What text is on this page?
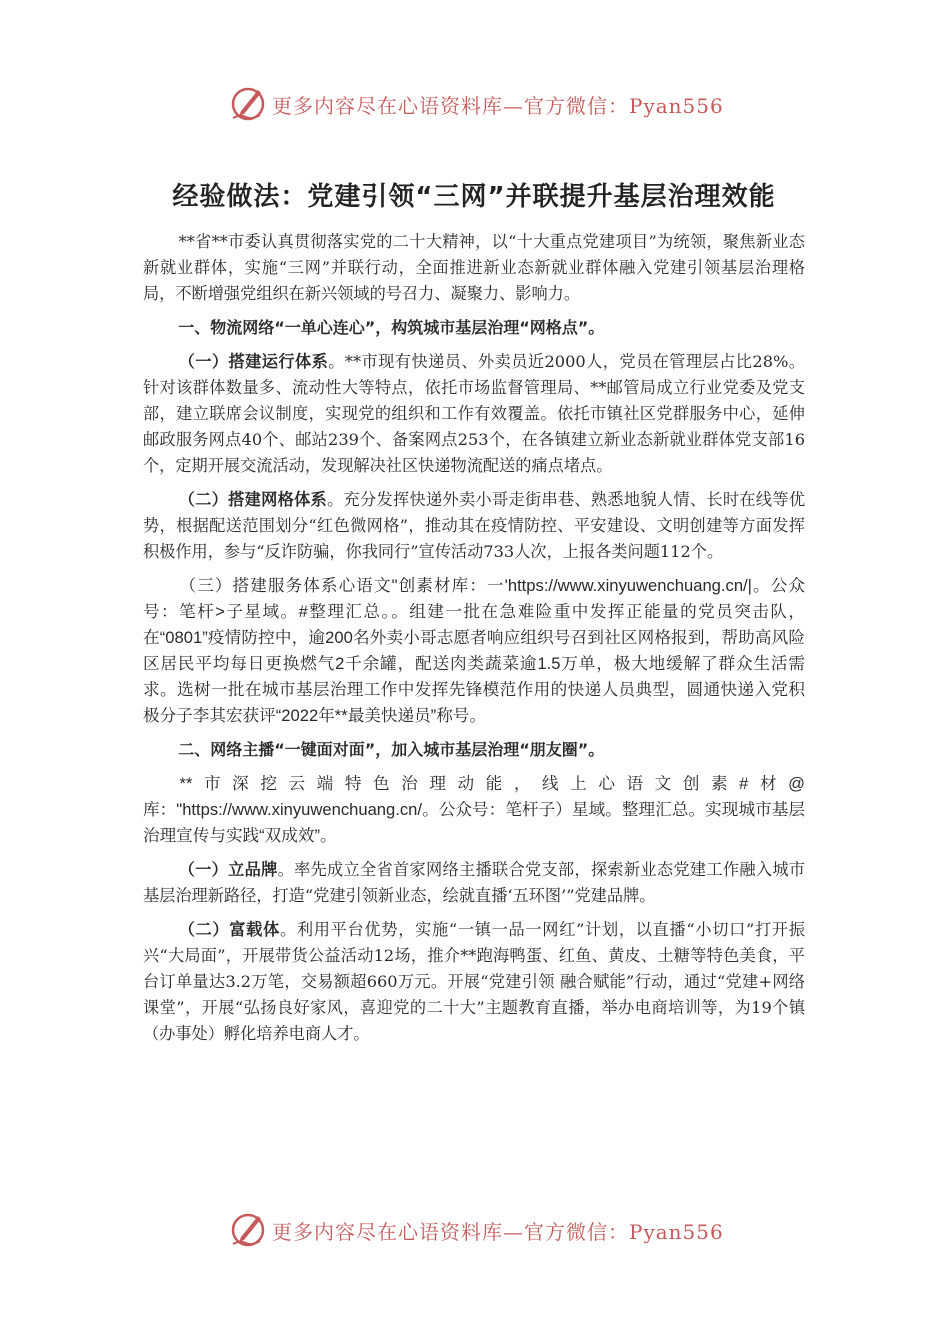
更多内容尽在心语资料库—官方微信：Pyan556
经验做法：党建引领“三网”并联提升基层治理效能

**省**市委认真贯彻落实党的二十大精神，以“十大重点党建项目”为统领，聚焦新业态新就业群体，实施“三网”并联行动，全面推进新业态新就业群体融入党建引领基层治理格局，不断增强党组织在新兴领域的号召力、凝聚力、影响力。

一、物流网络“一单心连心”，构筑城市基层治理“网格点”。

（一）搭建运行体系。**市现有快递员、外卖员近2000人，党员在管理层占比28%。针对该群体数量多、流动性大等特点，依托市场监督管理局、**邮管局成立行业党委及党支部，建立联席会议制度，实现党的组织和工作有效覆盖。依托市镇社区党群服务中心，延伸邮政服务网点40个、邮站239个、备案网点253个，在各镇建立新业态新就业群体党支部16个，定期开展交流活动，发现解决社区快递物流配送的痛点堵点。

（二）搭建网格体系。充分发挥快递外卖小哥走街串巷、熟悉地貌人情、长时在线等优势，根据配送范围划分“红色微网格”，推动其在疫情防控、平安建设、文明创建等方面发挥积极作用，参与“反诈防骗，你我同行”宣传活动733人次，上报各类问题112个。

（三）搭建服务体系心语文"创素材库：一'https://www.xinyuwenchuang.cn/|。公众号：笔杆>子星域。#整理汇总。。组建一批在急难险重中发挥正能量的党员突击队，在“0801”疫情防控中，逾200名外卖小哥志愿者响应组织号召到社区网格报到，帮助高风险区居民平均每日更换燃气2千余罐，配送肉类蔬菜逾1.5万单，极大地缓解了群众生活需求。选树一批在城市基层治理工作中发挥先锋模范作用的快递人员典型，圆通快递入党积极分子李其宏获评“2022年**最美快递员”称号。

二、网络主播“一键面对面”，加入城市基层治理“朋友圈”。

**市深挖云端特色治理动能，线上心语文创素#材@库："https://www.xinyuwenchuang.cn/。公众号：笔杆子）星域。整理汇总。实现城市基层治理宣传与实践“双成效”。

（一）立品牌。率先成立全省首家网络主播联合党支部，探索新业态党建工作融入城市基层治理新路径，打造“党建引领新业态，绘就直播‘五环图’”党建品牌。

（二）富载体。利用平台优势，实施“一镇一品一网红”计划，以直播“小切口”打开振兴“大局面”，开展带货公益活动12场，推介**跑海鸭蛋、红鱼、黄皮、土糖等特色美食，平台订单量达3.2万笔，交易额超660万元。开展“党建引领 融合赋能”行动，通过“党建+网络课堂”，开展“弘扬良好家风，喜迎党的二十大”主题教育直播，举办电商培训等，为19个镇（办事处）孵化培养电商人才。

更多内容尽在心语资料库—官方微信：Pyan556
